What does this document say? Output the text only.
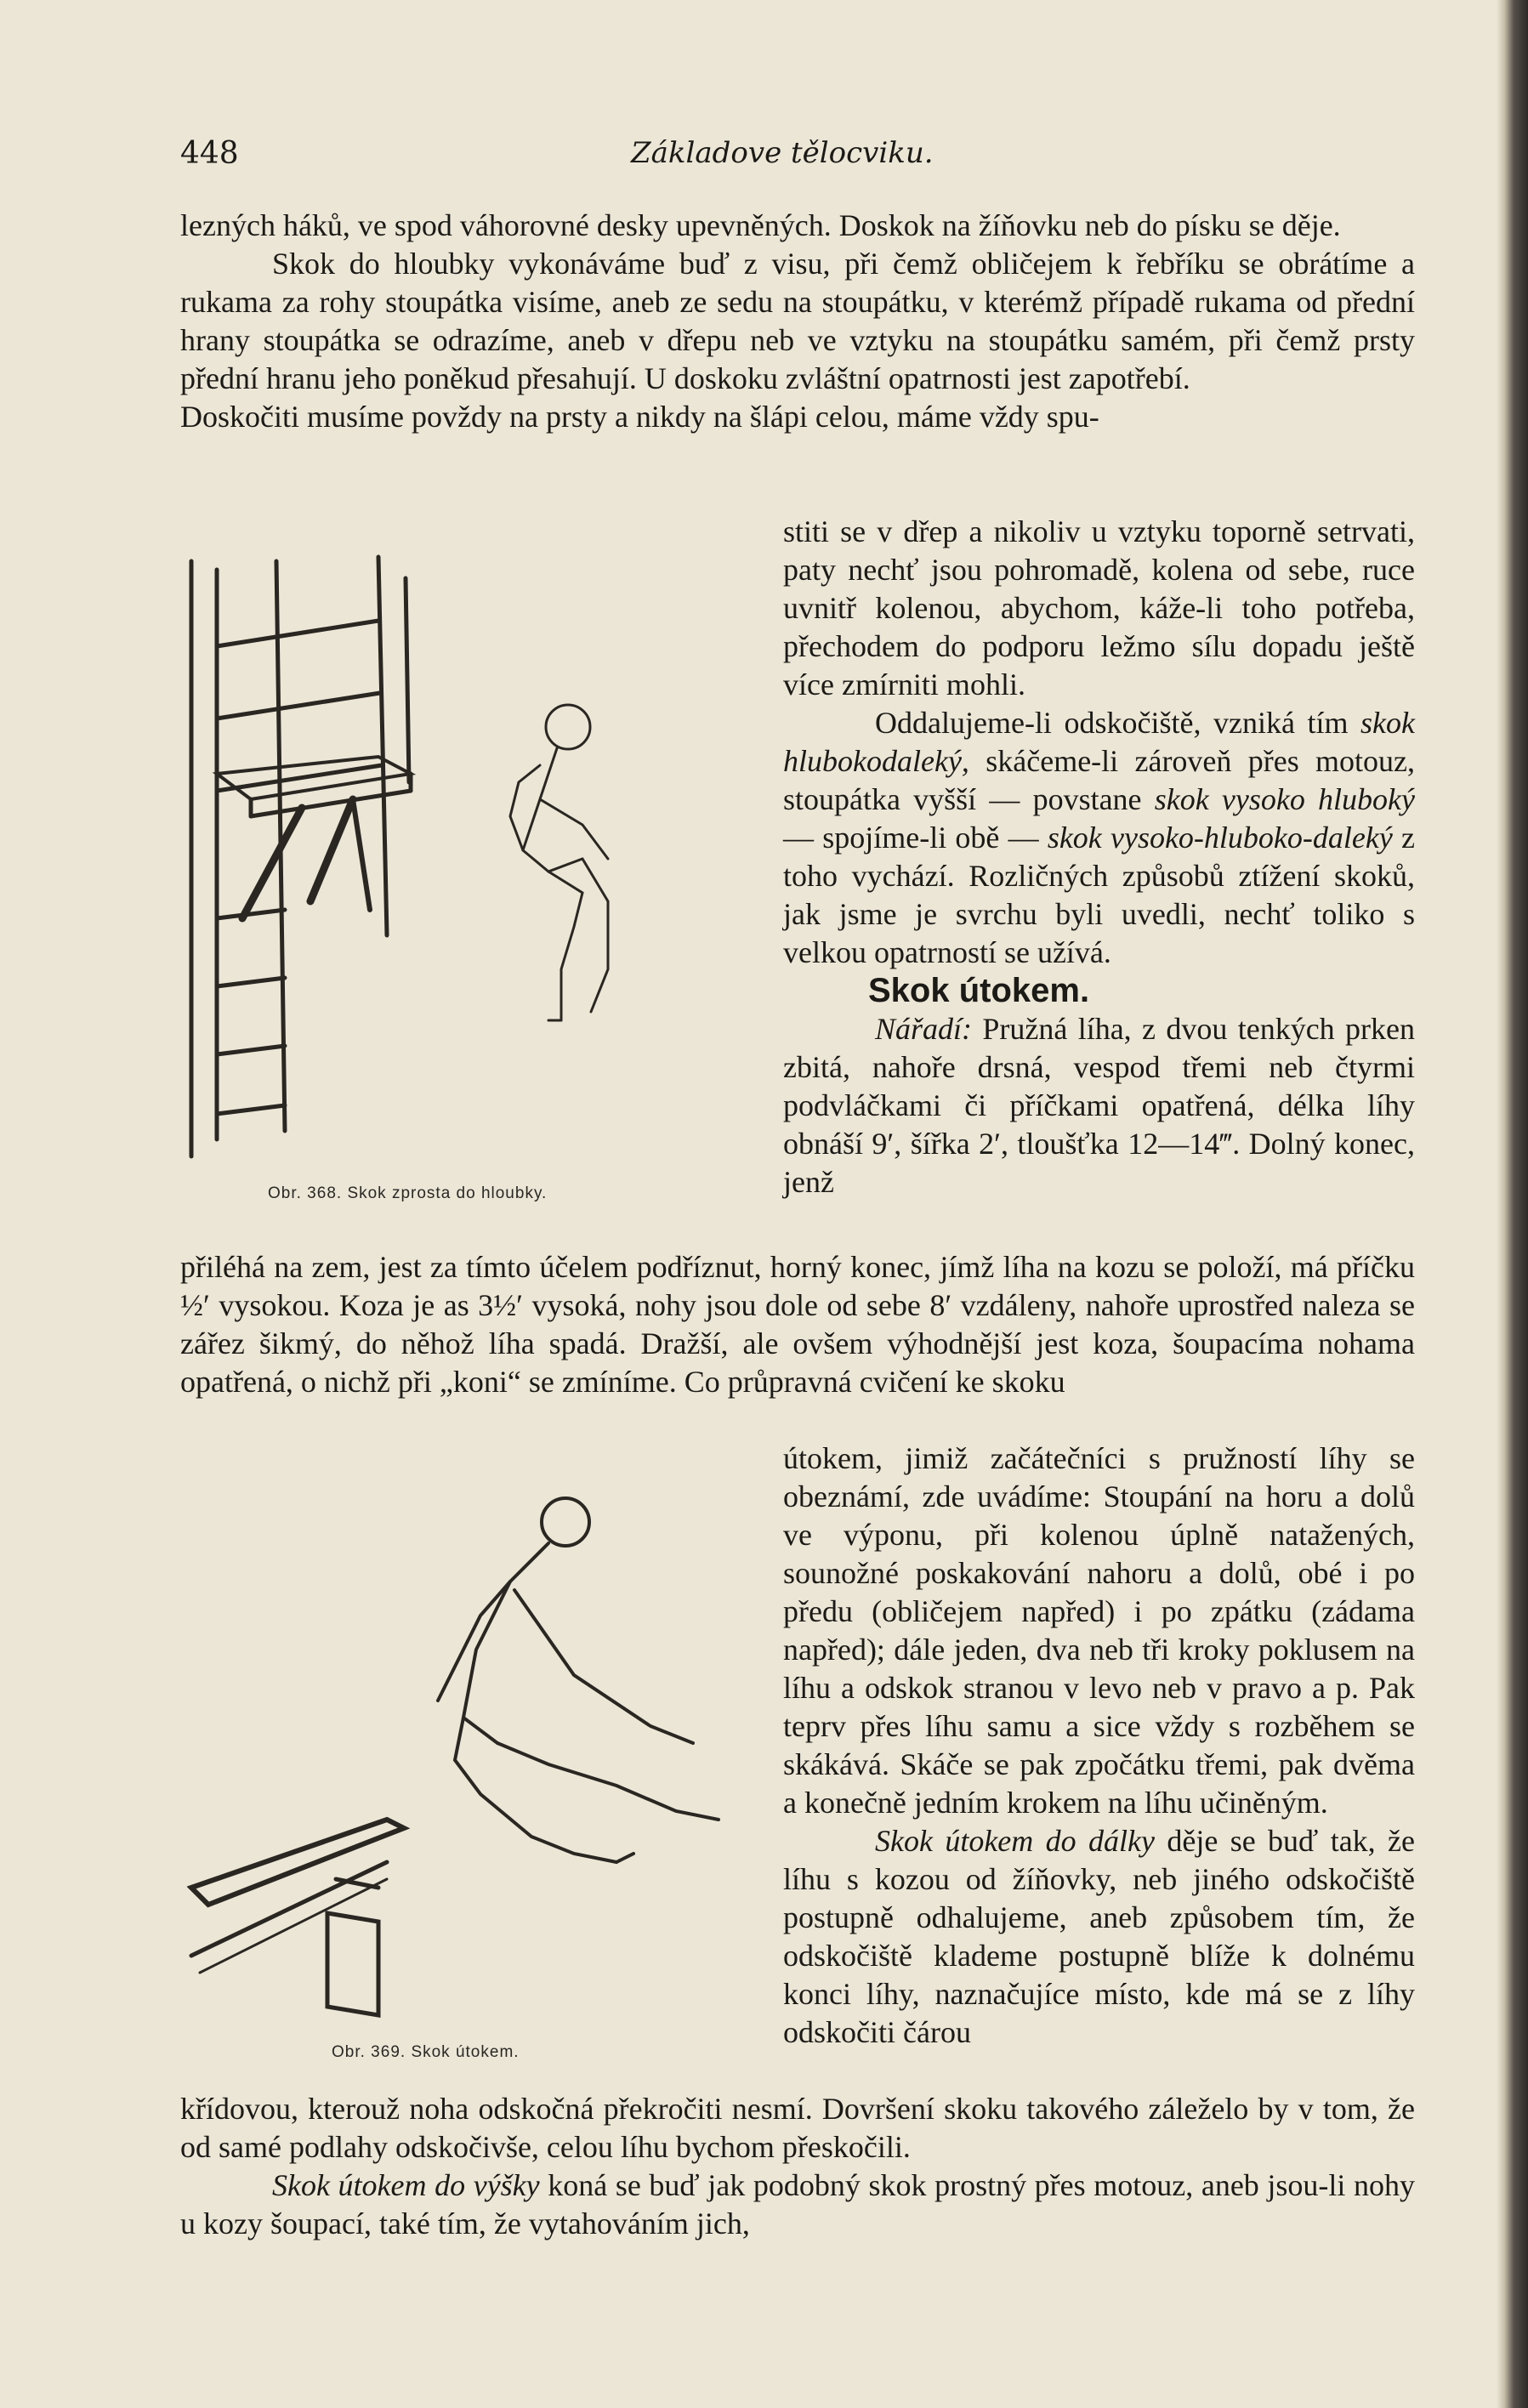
448	Základove tělocviku.

lezných háků, ve spod váhorovné desky upevněných. Doskok na žíňovku neb do písku se děje.

Skok do hloubky vykonáváme buď z visu, při čemž obličejem k řebříku se obrátíme a rukama za rohy stoupátka visíme, aneb ze sedu na stoupátku, v kterémž případě rukama od přední hrany stoupátka se odrazíme, aneb v dřepu neb ve vztyku na stoupátku samém, při čemž prsty přední hranu jeho poněkud přesahují. U doskoku zvláštní opatrnosti jest zapotřebí.

Doskočiti musíme povždy na prsty a nikdy na šlápi celou, máme vždy spu-

stiti se v dřep a nikoliv u vztyku toporně setrvati, paty nechť jsou pohromadě, kolena od sebe, ruce uvnitř kolenou, abychom, káže-li toho potřeba, přechodem do podporu ležmo sílu dopadu ještě více zmírniti mohli.

Oddalujeme-li odskočiště, vzniká tím skok hlubokodaleký, skáčeme-li zároveň přes motouz, stoupátka vyšší — povstane skok vysoko hluboký — spojíme-li obě — skok vysoko-hluboko-daleký z toho vychází. Rozličných způsobů ztížení skoků, jak jsme je svrchu byli uvedli, nechť toliko s velkou opatrností se užívá.

Skok útokem.

Nářadí: Pružná líha, z dvou tenkých prken zbitá, nahoře drsná, vespod třemi neb čtyrmi podvláčkami či příčkami opatřená, délka líhy obnáší 9′, šířka 2′, tloušťka 12—14‴. Dolný konec, jenž

přiléhá na zem, jest za tímto účelem podříznut, horný konec, jímž líha na kozu se položí, má příčku ½′ vysokou. Koza je as 3½′ vysoká, nohy jsou dole od sebe 8′ vzdáleny, nahoře uprostřed naleza se zářez šikmý, do něhož líha spadá. Dražší, ale ovšem výhodnější jest koza, šoupacíma nohama opatřená, o nichž při „koni“ se zmíníme. Co průpravná cvičení ke skoku

útokem, jimiž začátečníci s pružností líhy se obeznámí, zde uvádíme: Stoupání na horu a dolů ve výponu, při kolenou úplně natažených, sounožné poskakování nahoru a dolů, obé i po předu (obličejem napřed) i po zpátku (zádama napřed); dále jeden, dva neb tři kroky poklusem na líhu a odskok stranou v levo neb v pravo a p. Pak teprv přes líhu samu a sice vždy s rozběhem se skákává. Skáče se pak zpočátku třemi, pak dvěma a konečně jedním krokem na líhu učiněným.

Skok útokem do dálky děje se buď tak, že líhu s kozou od žíňovky, neb jiného odskočiště postupně odhalujeme, aneb způsobem tím, že odskočiště klademe postupně blíže k dolnému konci líhy, naznačujíce místo, kde má se z líhy odskočiti čárou

křídovou, kterouž noha odskočná překročiti nesmí. Dovršení skoku takového záleželo by v tom, že od samé podlahy odskočivše, celou líhu bychom přeskočili.

Skok útokem do výšky koná se buď jak podobný skok prostný přes motouz, aneb jsou-li nohy u kozy šoupací, také tím, že vytahováním jich,

Obr. 368. Skok zprosta do hloubky.
Obr. 369. Skok útokem.
